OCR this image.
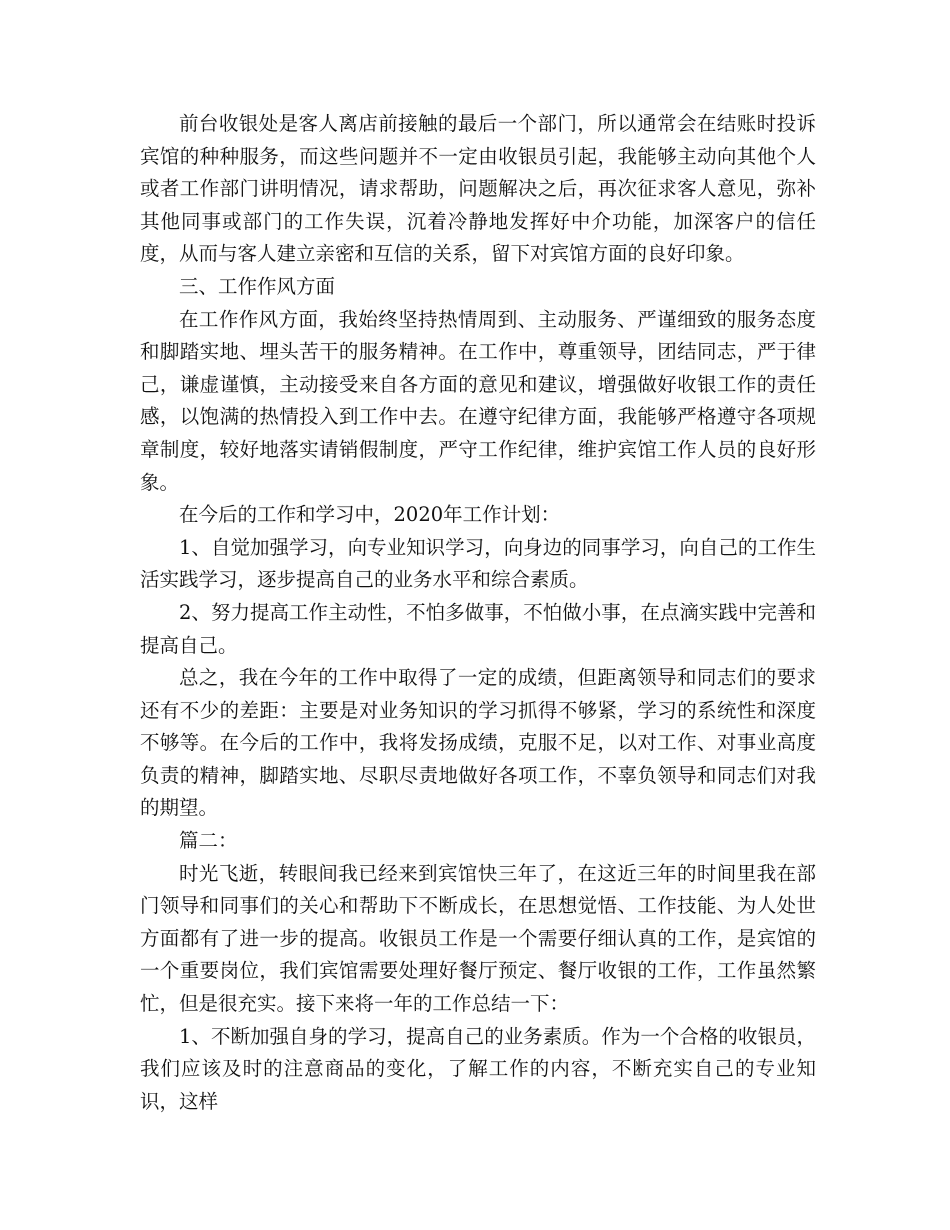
前台收银处是客人离店前接触的最后一个部门，所以通常会在结账时投诉宾馆的种种服务，而这些问题并不一定由收银员引起，我能够主动向其他个人或者工作部门讲明情况，请求帮助，问题解决之后，再次征求客人意见，弥补其他同事或部门的工作失误，沉着冷静地发挥好中介功能，加深客户的信任度，从而与客人建立亲密和互信的关系，留下对宾馆方面的良好印象。

三、工作作风方面

在工作作风方面，我始终坚持热情周到、主动服务、严谨细致的服务态度和脚踏实地、埋头苦干的服务精神。在工作中，尊重领导，团结同志，严于律己，谦虚谨慎，主动接受来自各方面的意见和建议，增强做好收银工作的责任感，以饱满的热情投入到工作中去。在遵守纪律方面，我能够严格遵守各项规章制度，较好地落实请销假制度，严守工作纪律，维护宾馆工作人员的良好形象。

在今后的工作和学习中，2020年工作计划：

1、自觉加强学习，向专业知识学习，向身边的同事学习，向自己的工作生活实践学习，逐步提高自己的业务水平和综合素质。

2、努力提高工作主动性，不怕多做事，不怕做小事，在点滴实践中完善和提高自己。

总之，我在今年的工作中取得了一定的成绩，但距离领导和同志们的要求还有不少的差距：主要是对业务知识的学习抓得不够紧，学习的系统性和深度不够等。在今后的工作中，我将发扬成绩，克服不足，以对工作、对事业高度负责的精神，脚踏实地、尽职尽责地做好各项工作，不辜负领导和同志们对我的期望。

篇二：

时光飞逝，转眼间我已经来到宾馆快三年了，在这近三年的时间里我在部门领导和同事们的关心和帮助下不断成长，在思想觉悟、工作技能、为人处世方面都有了进一步的提高。收银员工作是一个需要仔细认真的工作，是宾馆的一个重要岗位，我们宾馆需要处理好餐厅预定、餐厅收银的工作，工作虽然繁忙，但是很充实。接下来将一年的工作总结一下：

1、不断加强自身的学习，提高自己的业务素质。作为一个合格的收银员，我们应该及时的注意商品的变化，了解工作的内容，不断充实自己的专业知识，这样
